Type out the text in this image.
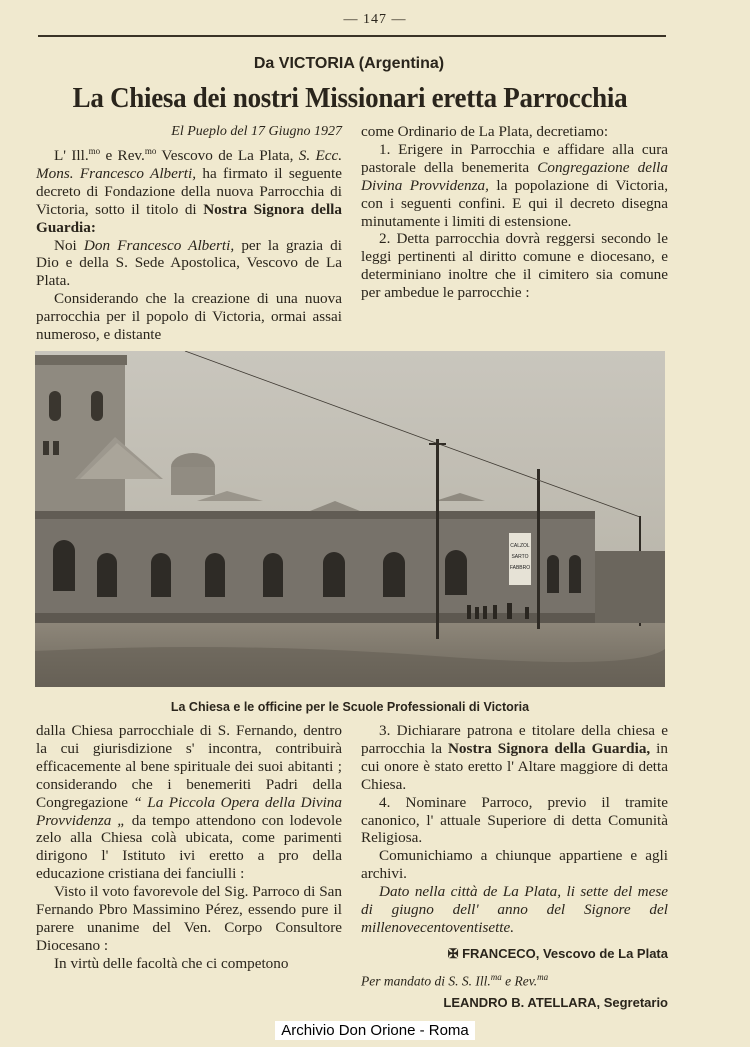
— 147 —
Da VICTORIA (Argentina)
La Chiesa dei nostri Missionari eretta Parrocchia
El Pueplo del 17 Giugno 1927

L' Ill.$^{mo}$ e Rev.$^{mo}$ Vescovo de La Plata, S. Ecc. Mons. Francesco Alberti, ha firmato il seguente decreto di Fondazione della nuova Parrocchia di Victoria, sotto il titolo di Nostra Signora della Guardia:

Noi Don Francesco Alberti, per la grazia di Dio e della S. Sede Apostolica, Vescovo de La Plata.

Considerando che la creazione di una nuova parrocchia per il popolo di Victoria, ormai assai numeroso, e distante

come Ordinario de La Plata, decretiamo:

1. Erigere in Parrocchia e affidare alla cura pastorale della benemerita Congregazione della Divina Provvidenza, la popolazione di Victoria, con i seguenti confini. E qui il decreto disegna minutamente i limiti di estensione.

2. Detta parrocchia dovrà reggersi secondo le leggi pertinenti al diritto comune e diocesano, e determiniano inoltre che il cimitero sia comune per ambedue le parrocchie :

CALZOL
SARTO
FABBRO
La Chiesa e le officine per le Scuole Professionali di Victoria

dalla Chiesa parrocchiale di S. Fernando, dentro la cui giurisdizione s' incontra, contribuirà efficacemente al bene spirituale dei suoi abitanti ; considerando che i benemeriti Padri della Congregazione “ La Piccola Opera della Divina Provvidenza „ da tempo attendono con lodevole zelo alla Chiesa colà ubicata, come parimenti dirigono l' Istituto ivi eretto a pro della educazione cristiana dei fanciulli :

Visto il voto favorevole del Sig. Parroco di San Fernando Pbro Massimino Pérez, essendo pure il parere unanime del Ven. Corpo Consultore Diocesano :

In virtù delle facoltà che ci competono

3. Dichiarare patrona e titolare della chiesa e parrocchia la Nostra Signora della Guardia, in cui onore è stato eretto l' Altare maggiore di detta Chiesa.

4. Nominare Parroco, previo il tramite canonico, l' attuale Superiore di detta Comunità Religiosa.

Comunichiamo a chiunque appartiene e agli archivi.

Dato nella città de La Plata, li sette del mese di giugno dell' anno del Signore del millenovecentoventisette.

✠ FRANCECO, Vescovo de La Plata
Per mandato di S. S. Ill.$^{ma}$ e Rev.$^{ma}$
LEANDRO B. ATELLARA, Segretario
Archivio Don Orione - Roma
